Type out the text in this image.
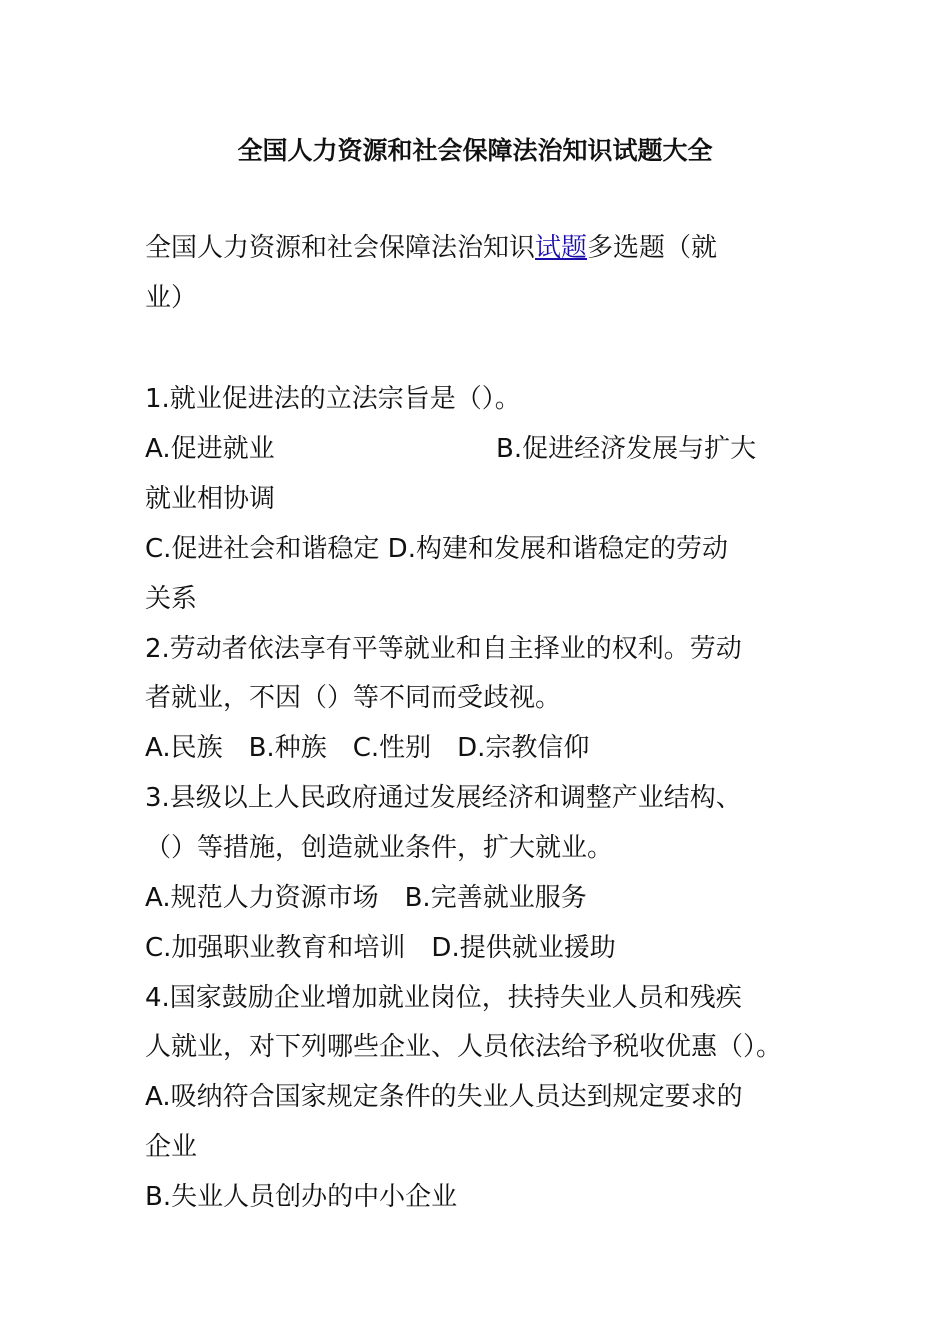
全国人力资源和社会保障法治知识试题大全
全国人力资源和社会保障法治知识试题多选题（就
业）
1.就业促进法的立法宗旨是（）。
A.促进就业	B.促进经济发展与扩大
就业相协调
C.促进社会和谐稳定 D.构建和发展和谐稳定的劳动
关系
2.劳动者依法享有平等就业和自主择业的权利。劳动
者就业，不因（）等不同而受歧视。
A.民族　B.种族　C.性别　D.宗教信仰
3.县级以上人民政府通过发展经济和调整产业结构、
（）等措施，创造就业条件，扩大就业。
A.规范人力资源市场　B.完善就业服务
C.加强职业教育和培训　D.提供就业援助
4.国家鼓励企业增加就业岗位，扶持失业人员和残疾
人就业，对下列哪些企业、人员依法给予税收优惠（）。
A.吸纳符合国家规定条件的失业人员达到规定要求的
企业
B.失业人员创办的中小企业
